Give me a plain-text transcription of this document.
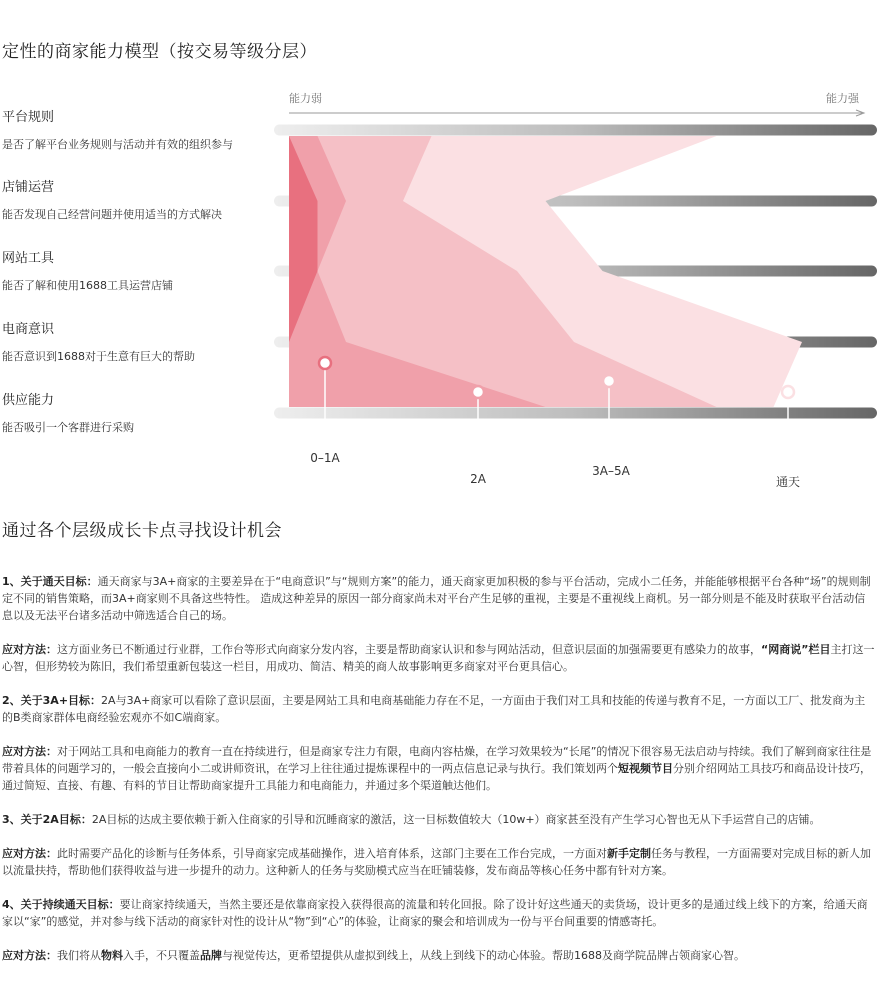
定性的商家能力模型（按交易等级分层）
平台规则
是否了解平台业务规则与活动并有效的组织参与
店铺运营
能否发现自己经营问题并使用适当的方式解决
网站工具
能否了解和使用1688工具运营店铺
电商意识
能否意识到1688对于生意有巨大的帮助
供应能力
能否吸引一个客群进行采购
能力弱	能力强
0–1A
2A
3A–5A
通天
通过各个层级成长卡点寻找设计机会

1、关于通天目标：通天商家与3A+商家的主要差异在于“电商意识”与“规则方案”的能力，通天商家更加积极的参与平台活动，完成小二任务，并能能够根据平台各种“场”的规则制定不同的销售策略，而3A+商家则不具备这些特性。 造成这种差异的原因一部分商家尚未对平台产生足够的重视，主要是不重视线上商机。另一部分则是不能及时获取平台活动信息以及无法平台诸多活动中筛选适合自己的场。

应对方法：这方面业务已不断通过行业群，工作台等形式向商家分发内容，主要是帮助商家认识和参与网站活动，但意识层面的加强需要更有感染力的故事，“网商说”栏目主打这一心智，但形势较为陈旧，我们希望重新包装这一栏目，用成功、简洁、精美的商人故事影响更多商家对平台更具信心。

2、关于3A+目标：2A与3A+商家可以看除了意识层面，主要是网站工具和电商基础能力存在不足，一方面由于我们对工具和技能的传递与教育不足，一方面以工厂、批发商为主的B类商家群体电商经验宏观亦不如C端商家。

应对方法：对于网站工具和电商能力的教育一直在持续进行，但是商家专注力有限，电商内容枯燥，在学习效果较为“长尾”的情况下很容易无法启动与持续。我们了解到商家往往是带着具体的问题学习的，一般会直接向小二或讲师资讯，在学习上往往通过提炼课程中的一两点信息记录与执行。我们策划两个短视频节目分别介绍网站工具技巧和商品设计技巧，通过简短、直接、有趣、有料的节目让帮助商家提升工具能力和电商能力，并通过多个渠道触达他们。

3、关于2A目标：2A目标的达成主要依赖于新入住商家的引导和沉睡商家的激活，这一目标数值较大（10w+）商家甚至没有产生学习心智也无从下手运营自己的店铺。

应对方法：此时需要产品化的诊断与任务体系，引导商家完成基础操作，进入培育体系，这部门主要在工作台完成，一方面对新手定制任务与教程，一方面需要对完成目标的新人加以流量扶持，帮助他们获得收益与进一步提升的动力。这种新人的任务与奖励模式应当在旺铺装修，发布商品等核心任务中都有针对方案。

4、关于持续通天目标：要让商家持续通天，当然主要还是依靠商家投入获得很高的流量和转化回报。除了设计好这些通天的卖货场，设计更多的是通过线上线下的方案，给通天商家以“家”的感觉，并对参与线下活动的商家针对性的设计从“物”到“心”的体验，让商家的聚会和培训成为一份与平台间重要的情感寄托。

应对方法：我们将从物料入手，不只覆盖品牌与视觉传达，更希望提供从虚拟到线上，从线上到线下的动心体验。帮助1688及商学院品牌占领商家心智。
